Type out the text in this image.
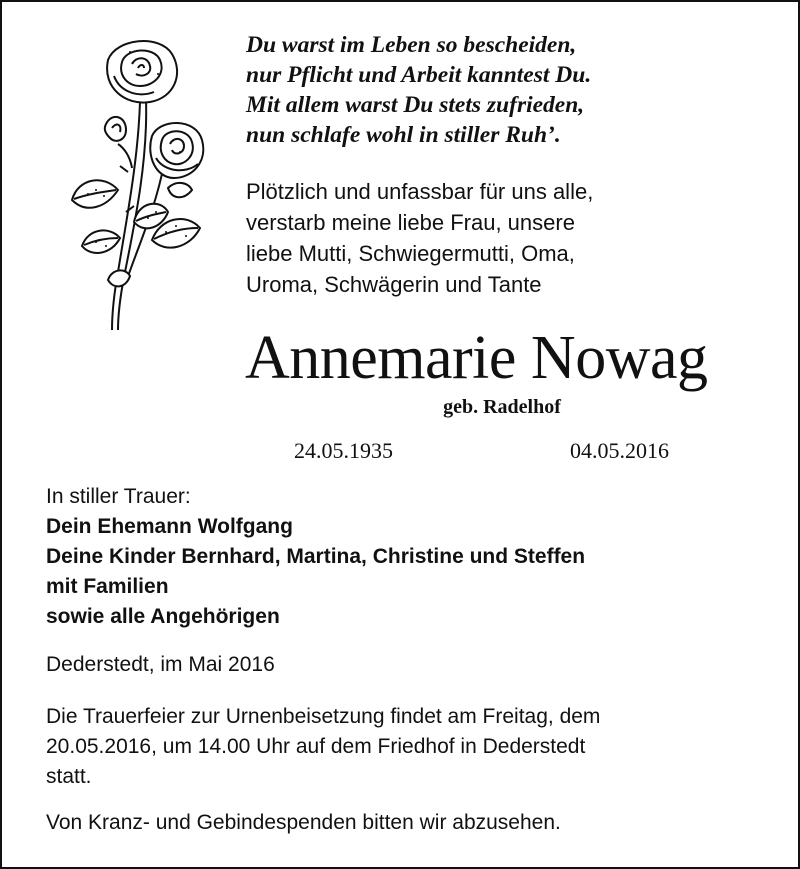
Du warst im Leben so bescheiden,
nur Pflicht und Arbeit kanntest Du.
Mit allem warst Du stets zufrieden,
nun schlafe wohl in stiller Ruh’.
Plötzlich und unfassbar für uns alle,
verstarb meine liebe Frau, unsere
liebe Mutti, Schwiegermutti, Oma,
Uroma, Schwägerin und Tante
Annemarie Nowag
geb. Radelhof
24.05.1935	04.05.2016
In stiller Trauer:
Dein Ehemann Wolfgang
Deine Kinder Bernhard, Martina, Christine und Steffen
mit Familien
sowie alle Angehörigen
Dederstedt, im Mai 2016
Die Trauerfeier zur Urnenbeisetzung findet am Freitag, dem
20.05.2016, um 14.00 Uhr auf dem Friedhof in Dederstedt
statt.
Von Kranz- und Gebindespenden bitten wir abzusehen.
